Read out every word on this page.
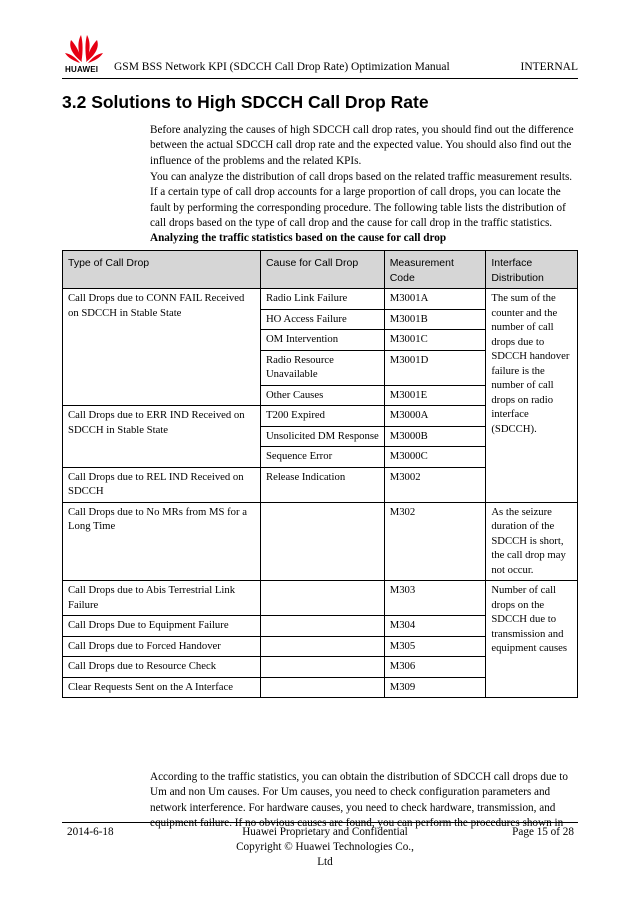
HUAWEI GSM BSS Network KPI (SDCCH Call Drop Rate) Optimization Manual	INTERNAL
3.2 Solutions to High SDCCH Call Drop Rate

Before analyzing the causes of high SDCCH call drop rates, you should find out the difference between the actual SDCCH call drop rate and the expected value. You should also find out the influence of the problems and the related KPIs.

You can analyze the distribution of call drops based on the related traffic measurement results. If a certain type of call drop accounts for a large proportion of call drops, you can locate the fault by performing the corresponding procedure. The following table lists the distribution of call drops based on the type of call drop and the cause for call drop in the traffic statistics.

Analyzing the traffic statistics based on the cause for call drop

Type of Call Drop	Cause for Call Drop	Measurement Code	Interface Distribution
Call Drops due to CONN FAIL Received on SDCCH in Stable State	Radio Link Failure	M3001A	The sum of the counter and the number of call drops due to SDCCH handover failure is the number of call drops on radio interface (SDCCH).
	HO Access Failure	M3001B	
	OM Intervention	M3001C	
	Radio Resource Unavailable	M3001D	
	Other Causes	M3001E	
Call Drops due to ERR IND Received on SDCCH in Stable State	T200 Expired	M3000A	
	Unsolicited DM Response	M3000B	
	Sequence Error	M3000C	
Call Drops due to REL IND Received on SDCCH	Release Indication	M3002	
Call Drops due to No MRs from MS for a Long Time		M302	As the seizure duration of the SDCCH is short, the call drop may not occur.
Call Drops due to Abis Terrestrial Link Failure		M303	Number of call drops on the SDCCH due to transmission and equipment causes
Call Drops Due to Equipment Failure		M304	
Call Drops due to Forced Handover		M305	
Call Drops due to Resource Check		M306	
Clear Requests Sent on the A Interface		M309	

According to the traffic statistics, you can obtain the distribution of SDCCH call drops due to Um and non Um causes. For Um causes, you need to check configuration parameters and network interference. For hardware causes, you need to check hardware, transmission, and equipment failure. If no obvious causes are found, you can perform the procedures shown in

2014-6-18	Huawei Proprietary and Confidential
Copyright © Huawei Technologies Co., Ltd
Page 15 of 28
